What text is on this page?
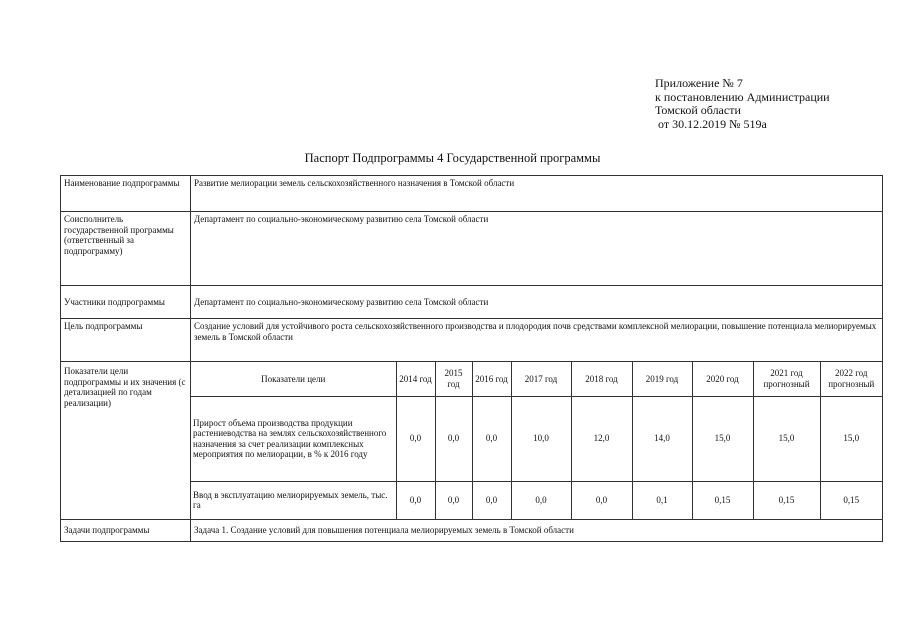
Приложение № 7
к постановлению Администрации
Томской области
от 30.12.2019 № 519а
Паспорт Подпрограммы 4 Государственной программы
Наименование подпрограммы	Развитие мелиорации земель сельскохозяйственного назначения в Томской области
Соисполнитель государственной программы (ответственный за подпрограмму)	Департамент по социально-экономическому развитию села Томской области
Участники подпрограммы	Департамент по социально-экономическому развитию села Томской области
Цель подпрограммы	Создание условий для устойчивого роста сельскохозяйственного производства и плодородия почв средствами комплексной мелиорации, повышение потенциала мелиорируемых земель в Томской области
Показатели цели подпрограммы и их значения (с детализацией по годам реализации)	
Показатели цели	2014 год	2015 год	2016 год	2017 год	2018 год	2019 год	2020 год	2021 год прогнозный	2022 год прогнозный
Прирост объема производства продукции растениеводства на землях сельскохозяйственного назначения за счет реализации комплексных мероприятия по мелиорации, в % к 2016 году	0,0	0,0	0,0	10,0	12,0	14,0	15,0	15,0	15,0
Ввод в эксплуатацию мелиорируемых земель, тыс. га	0,0	0,0	0,0	0,0	0,0	0,1	0,15	0,15	0,15

Задачи подпрограммы	Задача 1. Создание условий для повышения потенциала мелиорируемых земель в Томской области
